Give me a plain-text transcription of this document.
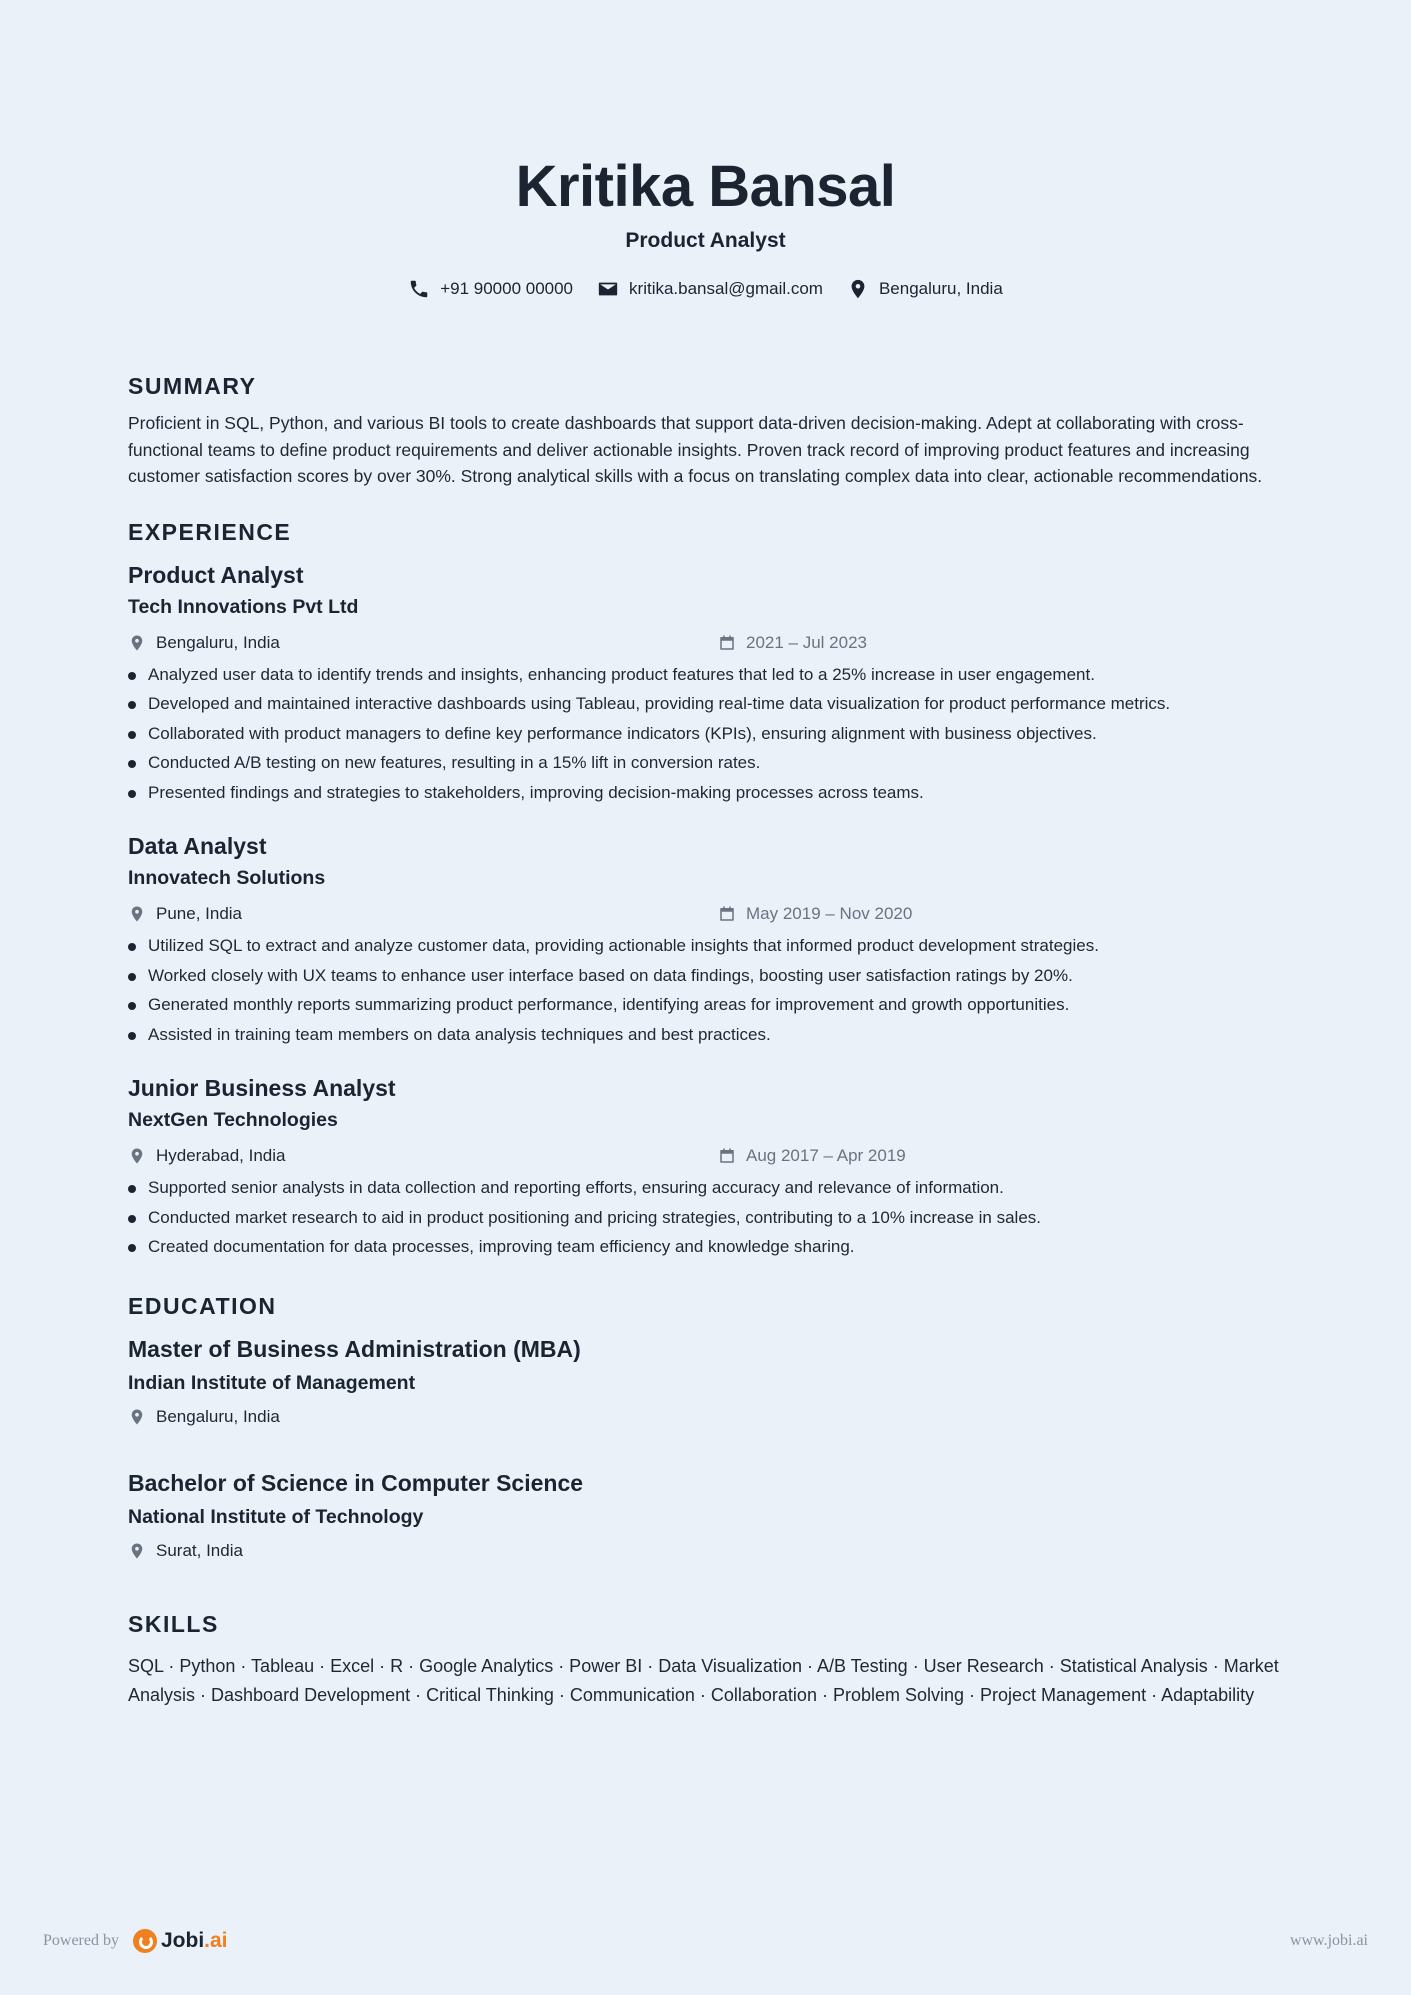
Kritika Bansal
Product Analyst
+91 90000 00000	kritika.bansal@gmail.com	Bengaluru, India
SUMMARY

Proficient in SQL, Python, and various BI tools to create dashboards that support data-driven decision-making. Adept at collaborating with cross-functional teams to define product requirements and deliver actionable insights. Proven track record of improving product features and increasing customer satisfaction scores by over 30%. Strong analytical skills with a focus on translating complex data into clear, actionable recommendations.

EXPERIENCE
Product Analyst
Tech Innovations Pvt Ltd
Bengaluru, India	2021 – Jul 2023
Analyzed user data to identify trends and insights, enhancing product features that led to a 25% increase in user engagement.
Developed and maintained interactive dashboards using Tableau, providing real-time data visualization for product performance metrics.
Collaborated with product managers to define key performance indicators (KPIs), ensuring alignment with business objectives.
Conducted A/B testing on new features, resulting in a 15% lift in conversion rates.
Presented findings and strategies to stakeholders, improving decision-making processes across teams.
Data Analyst
Innovatech Solutions
Pune, India	May 2019 – Nov 2020
Utilized SQL to extract and analyze customer data, providing actionable insights that informed product development strategies.
Worked closely with UX teams to enhance user interface based on data findings, boosting user satisfaction ratings by 20%.
Generated monthly reports summarizing product performance, identifying areas for improvement and growth opportunities.
Assisted in training team members on data analysis techniques and best practices.
Junior Business Analyst
NextGen Technologies
Hyderabad, India	Aug 2017 – Apr 2019
Supported senior analysts in data collection and reporting efforts, ensuring accuracy and relevance of information.
Conducted market research to aid in product positioning and pricing strategies, contributing to a 10% increase in sales.
Created documentation for data processes, improving team efficiency and knowledge sharing.
EDUCATION
Master of Business Administration (MBA)
Indian Institute of Management
Bengaluru, India
Bachelor of Science in Computer Science
National Institute of Technology
Surat, India
SKILLS

SQL · Python · Tableau · Excel · R · Google Analytics · Power BI · Data Visualization · A/B Testing · User Research · Statistical Analysis · Market Analysis · Dashboard Development · Critical Thinking · Communication · Collaboration · Problem Solving · Project Management · Adaptability

Powered by Jobi .ai	www.jobi.ai
